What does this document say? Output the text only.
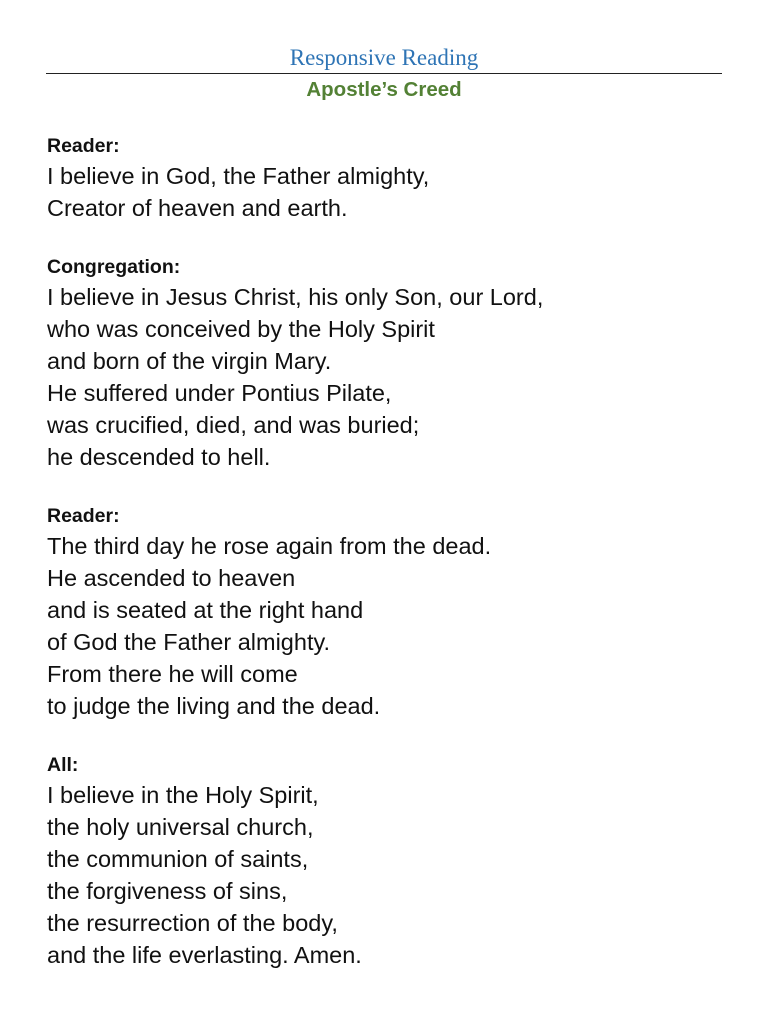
Responsive Reading
Apostle’s Creed
Reader:
I believe in God, the Father almighty,
Creator of heaven and earth.
Congregation:
I believe in Jesus Christ, his only Son, our Lord,
who was conceived by the Holy Spirit
and born of the virgin Mary.
He suffered under Pontius Pilate,
was crucified, died, and was buried;
he descended to hell.
Reader:
The third day he rose again from the dead.
He ascended to heaven
and is seated at the right hand
of God the Father almighty.
From there he will come
to judge the living and the dead.
All:
I believe in the Holy Spirit,
the holy universal church,
the communion of saints,
the forgiveness of sins,
the resurrection of the body,
and the life everlasting. Amen.
